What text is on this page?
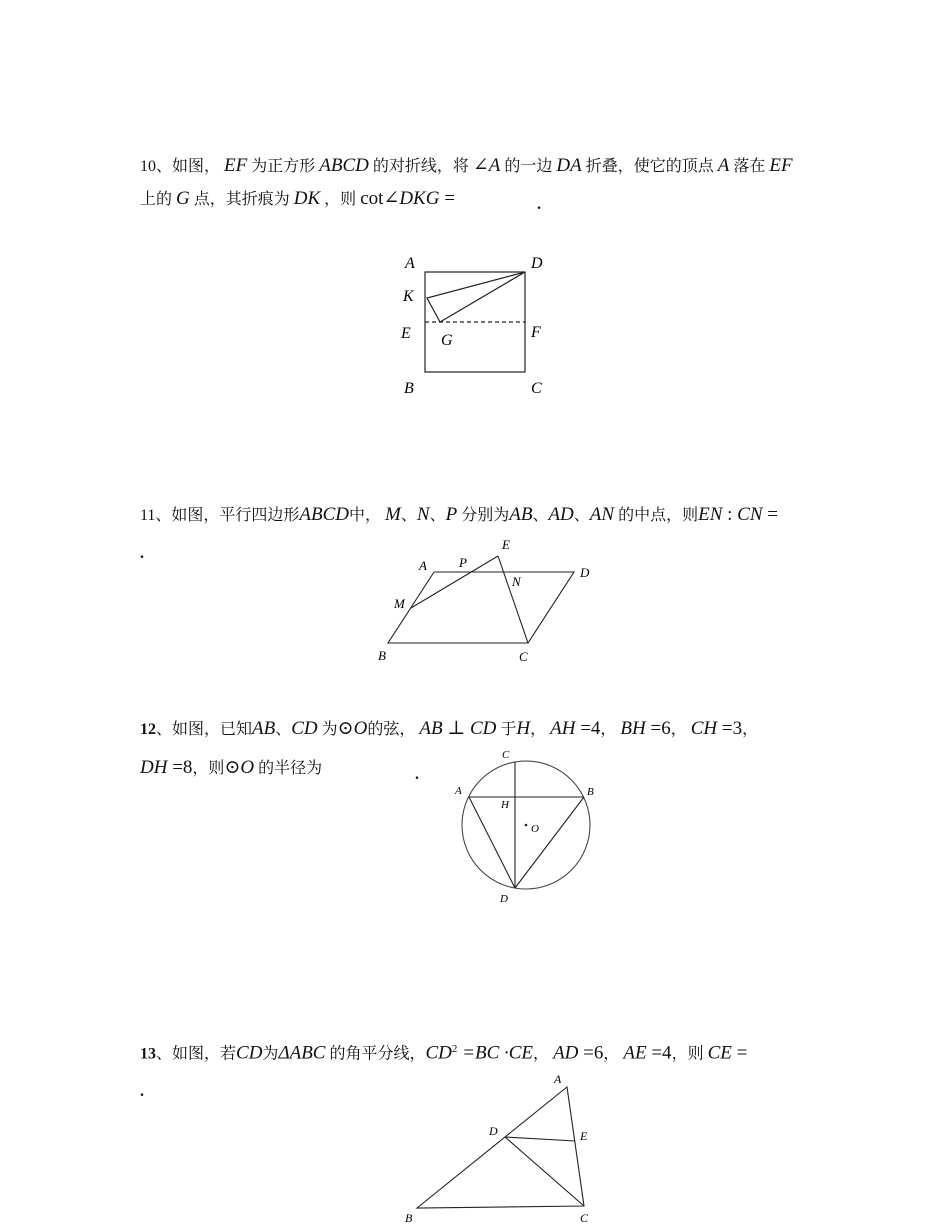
10、如图， EF 为正方形 ABCD 的对折线，将 ∠A 的一边 DA 折叠，使它的顶点 A 落在 EF
上的 G 点，其折痕为 DK ，则 cot∠DKG =	.
A	D
K
E	F
G
B	C
11、如图，平行四边形ABCD中， M、N、P 分别为AB、AD、AN 的中点，则EN : CN =
.
A P
E
D
M
N
B	C
12、如图，已知AB、CD 为⊙O的弦， AB ⊥ CD 于H， AH =4， BH =6， CH =3，
DH =8，则⊙O 的半径为	.
C
A	B
H
O
D
13、如图，若CD为ΔABC 的角平分线，$CD^2 =BC \cdot CE$， AD =6， AE =4，则 CE =
.
A
D	E
B	C
